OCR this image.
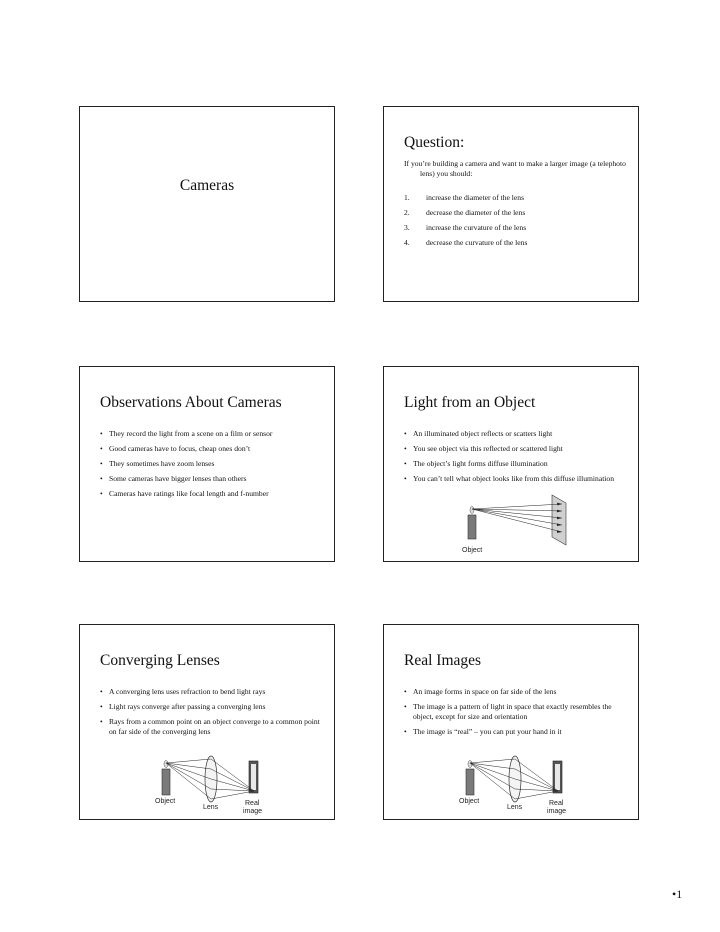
Cameras
Question:
If you’re building a camera and want to make a larger image (a telephoto lens) you should:
1. increase the diameter of the lens
2. decrease the diameter of the lens
3. increase the curvature of the lens
4. decrease the curvature of the lens
Observations About Cameras
• They record the light from a scene on a film or sensor
• Good cameras have to focus, cheap ones don’t
• They sometimes have zoom lenses
• Some cameras have bigger lenses than others
• Cameras have ratings like focal length and f-number
Light from an Object
• An illuminated object reflects or scatters light
• You see object via this reflected or scattered light
• The object’s light forms diffuse illumination
• You can’t tell what object looks like from this diffuse illumination
Object
Converging Lenses
• A converging lens uses refraction to bend light rays
• Light rays converge after passing a converging lens
• Rays from a common point on an object converge to a common point on far side of the converging lens
Object
Lens
Real
image
Real Images
• An image forms in space on far side of the lens
• The image is a pattern of light in space that exactly resembles the object, except for size and orientation
• The image is “real” – you can put your hand in it
Object
Lens
Real
image
•1
